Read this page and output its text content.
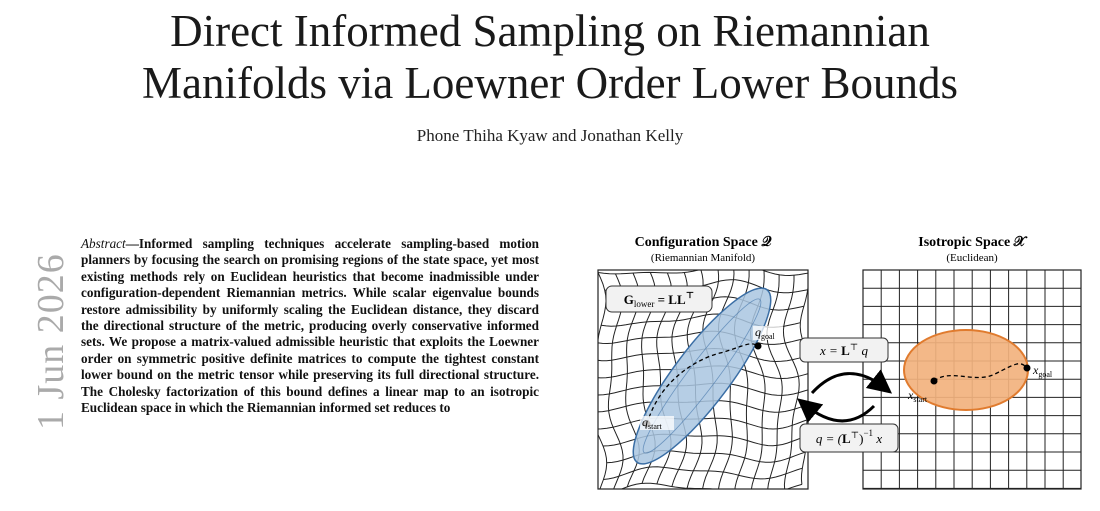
Direct Informed Sampling on Riemannian
Manifolds via Loewner Order Lower Bounds
Phone Thiha Kyaw and Jonathan Kelly
1 Jun 2026
Abstract—Informed sampling techniques accelerate sampling-based motion planners by focusing the search on promising regions of the state space, yet most existing methods rely on Euclidean heuristics that become inadmissible under configuration-dependent Riemannian metrics. While scalar eigenvalue bounds restore admissibility by uniformly scaling the Euclidean distance, they discard the directional structure of the metric, producing overly conservative informed sets. We propose a matrix-valued admissible heuristic that exploits the Loewner order on symmetric positive definite matrices to compute the tightest constant lower bound on the metric tensor while preserving its full directional structure. The Cholesky factorization of this bound defines a linear map to an isotropic Euclidean space in which the Riemannian informed set reduces to
Configuration Space 𝒬
(Riemannian Manifold)
Isotropic Space 𝒳
(Euclidean)
$G_{lower} = LL^⊤$
$q_{start}$
$q_{goal}$
$x_{start}$
$x_{goal}$
x = L⊤ q
$q = (L^⊤)^{-1}$ x
